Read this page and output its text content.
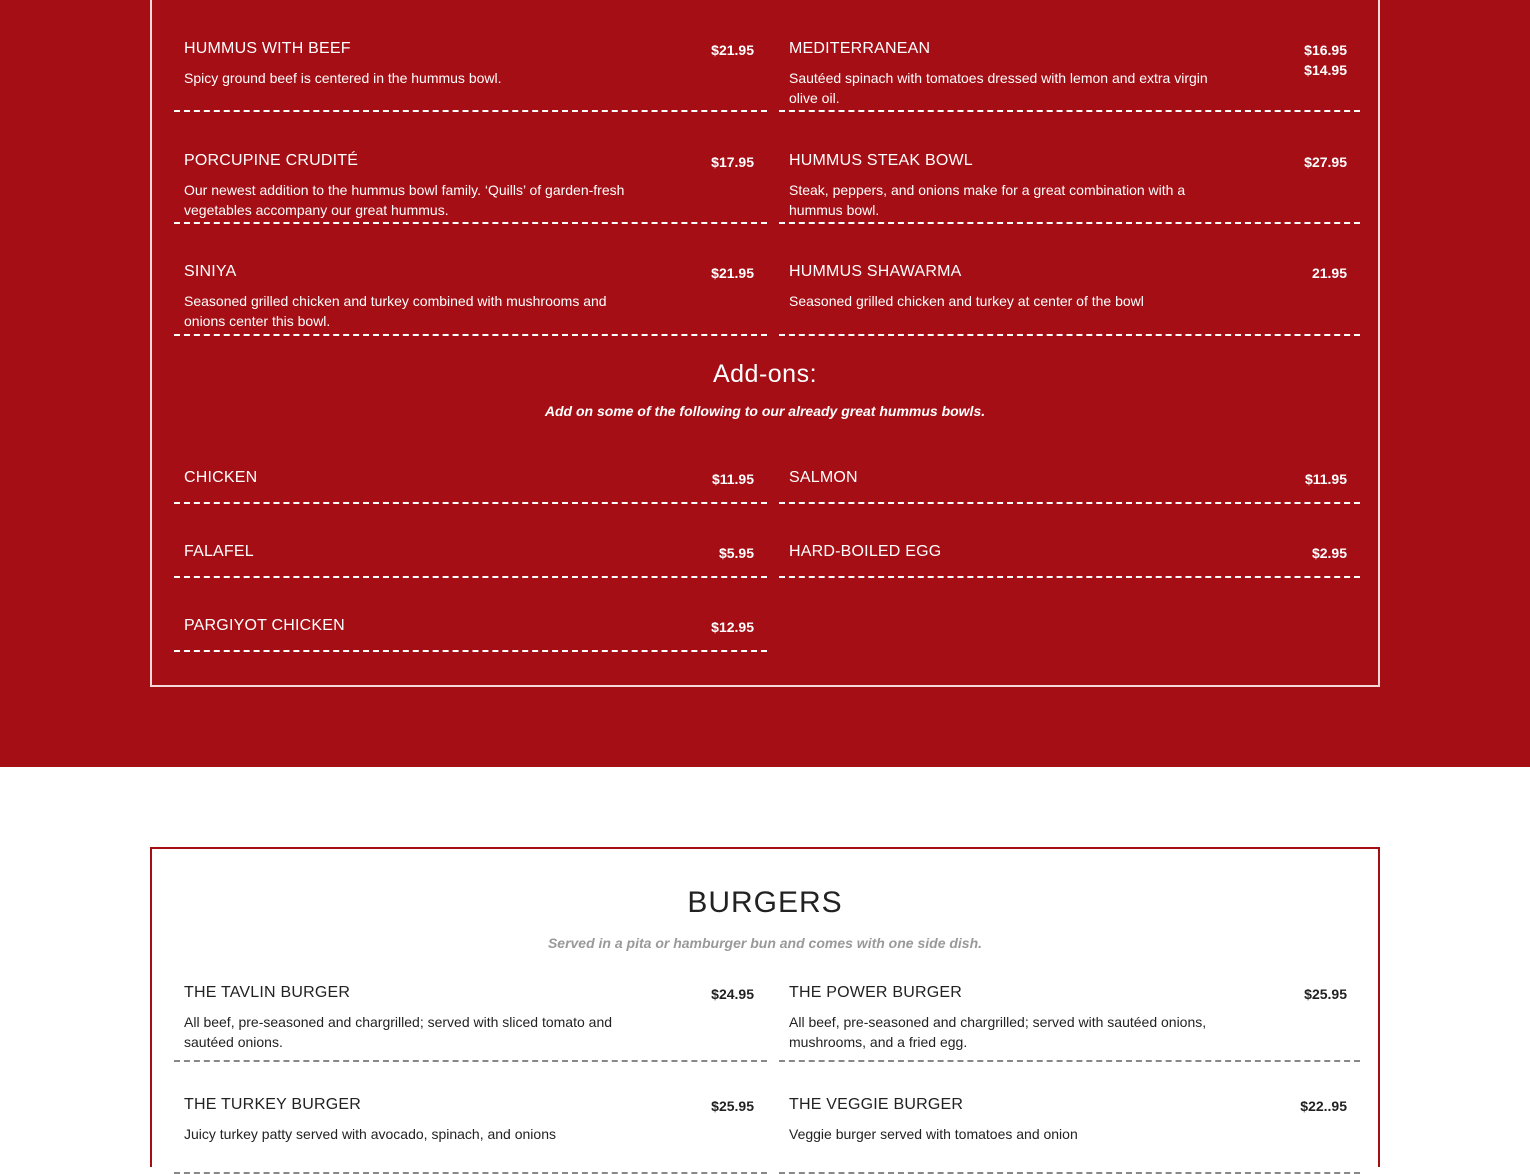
HUMMUS WITH BEEF	$21.95
Spicy ground beef is centered in the hummus bowl.
MEDITERRANEAN	$16.95
$14.95
Sautéed spinach with tomatoes dressed with lemon and extra virgin olive oil.
PORCUPINE CRUDITÉ	$17.95
Our newest addition to the hummus bowl family. ‘Quills’ of garden-fresh vegetables accompany our great hummus.
HUMMUS STEAK BOWL	$27.95
Steak, peppers, and onions make for a great combination with a hummus bowl.
SINIYA	$21.95
Seasoned grilled chicken and turkey combined with mushrooms and onions center this bowl.
HUMMUS SHAWARMA	21.95
Seasoned grilled chicken and turkey at center of the bowl
Add-ons:
Add on some of the following to our already great hummus bowls.
CHICKEN	$11.95 SALMON	$11.95
FALAFEL	$5.95 HARD-BOILED EGG	$2.95
PARGIYOT CHICKEN	$12.95
BURGERS
Served in a pita or hamburger bun and comes with one side dish.
THE TAVLIN BURGER	$24.95
All beef, pre-seasoned and chargrilled; served with sliced tomato and sautéed onions.
THE POWER BURGER	$25.95
All beef, pre-seasoned and chargrilled; served with sautéed onions, mushrooms, and a fried egg.
THE TURKEY BURGER	$25.95
Juicy turkey patty served with avocado, spinach, and onions
THE VEGGIE BURGER	$22..95
Veggie burger served with tomatoes and onion
